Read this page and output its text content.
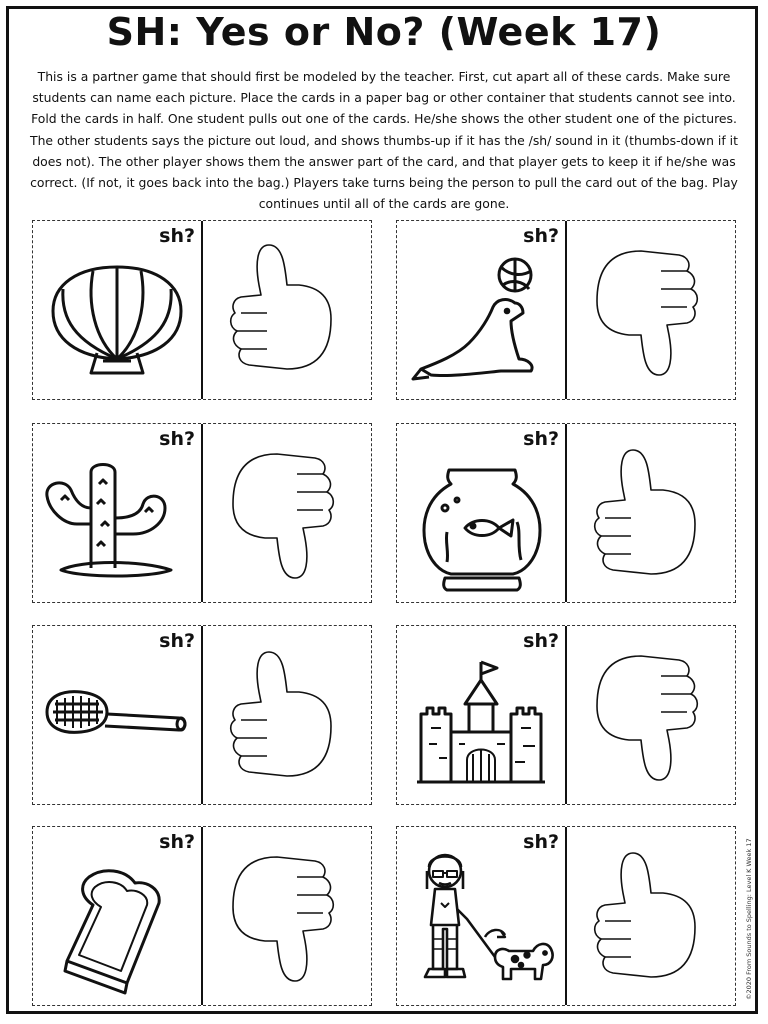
SH: Yes or No? (Week 17)

This is a partner game that should first be modeled by the teacher. First, cut apart all of these cards. Make sure students can name each picture. Place the cards in a paper bag or other container that students cannot see into. Fold the cards in half. One student pulls out one of the cards. He/she shows the other student one of the pictures. The other students says the picture out loud, and shows thumbs-up if it has the /sh/ sound in it (thumbs-down if it does not). The other player shows them the answer part of the card, and that player gets to keep it if he/she was correct. (If not, it goes back into the bag.) Players take turns being the person to pull the card out of the bag. Play continues until all of the cards are gone.

sh?	sh?
sh?	sh?
sh?	sh?
sh?	sh?	©2020 From Sounds to Spelling: Level K Week 17
